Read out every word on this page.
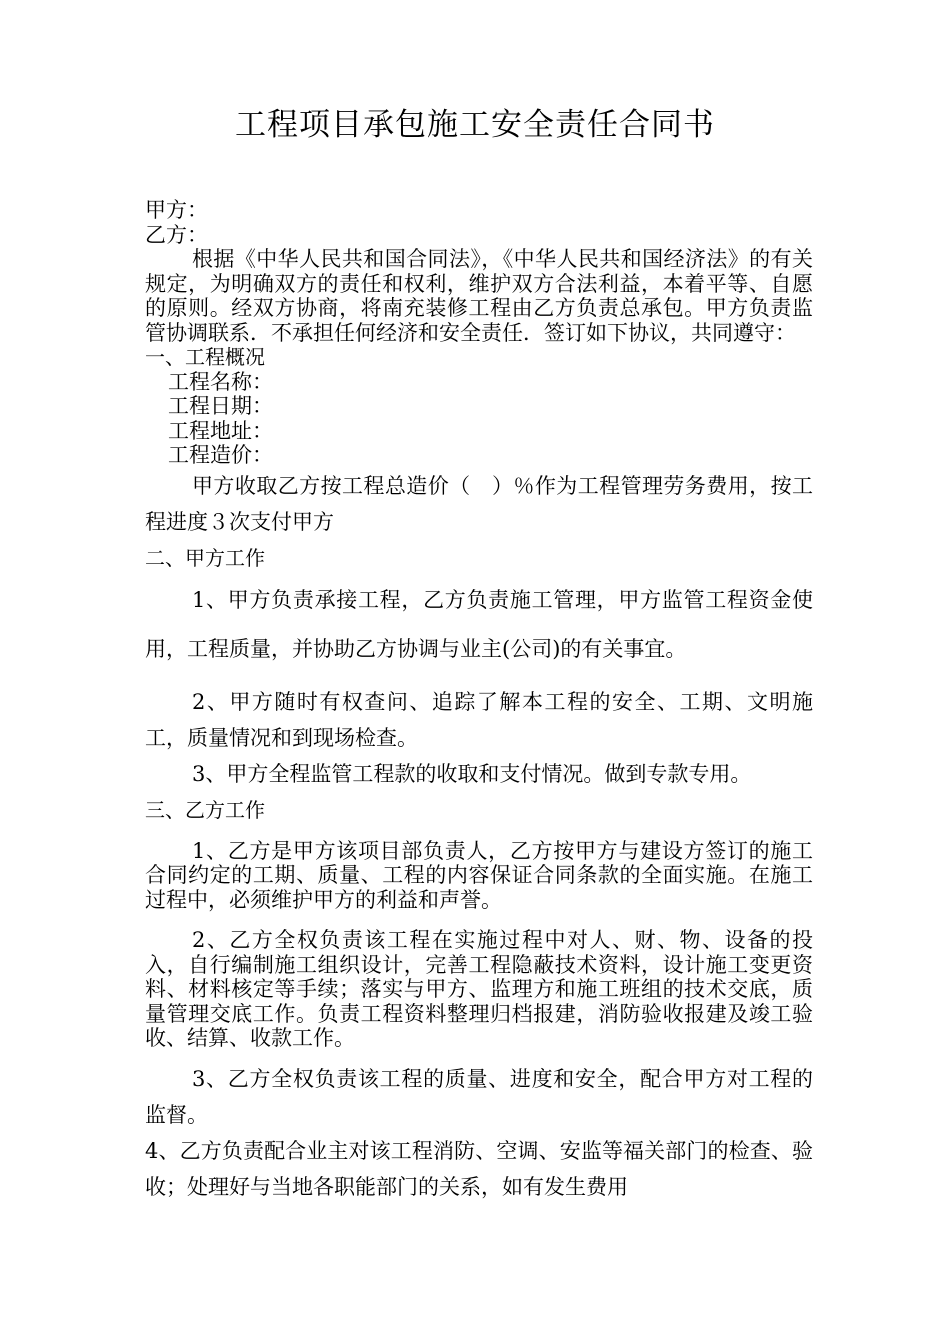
工程项目承包施工安全责任合同书

甲方：

乙方：

根据《中华人民共和国合同法》，《中华人民共和国经济法》的有关规定，为明确双方的责任和权利，维护双方合法利益，本着平等、自愿的原则。经双方协商，将南充装修工程由乙方负责总承包。甲方负责监管协调联系．不承担任何经济和安全责任．签订如下协议，共同遵守：

一、工程概况

工程名称：

工程日期：

工程地址：

工程造价：

甲方收取乙方按工程总造价（　）％作为工程管理劳务费用，按工程进度３次支付甲方

二、甲方工作

1、甲方负责承接工程，乙方负责施工管理，甲方监管工程资金使用，工程质量，并协助乙方协调与业主(公司)的有关事宜。

2、甲方随时有权查问、追踪了解本工程的安全、工期、文明施工，质量情况和到现场检查。

3、甲方全程监管工程款的收取和支付情况。做到专款专用。

三、乙方工作

1、乙方是甲方该项目部负责人，乙方按甲方与建设方签订的施工合同约定的工期、质量、工程的内容保证合同条款的全面实施。在施工过程中，必须维护甲方的利益和声誉。

2、乙方全权负责该工程在实施过程中对人、财、物、设备的投入，自行编制施工组织设计，完善工程隐蔽技术资料，设计施工变更资料、材料核定等手续；落实与甲方、监理方和施工班组的技术交底，质量管理交底工作。负责工程资料整理归档报建，消防验收报建及竣工验收、结算、收款工作。

3、乙方全权负责该工程的质量、进度和安全，配合甲方对工程的监督。

4、乙方负责配合业主对该工程消防、空调、安监等福关部门的检查、验收；处理好与当地各职能部门的关系，如有发生费用
